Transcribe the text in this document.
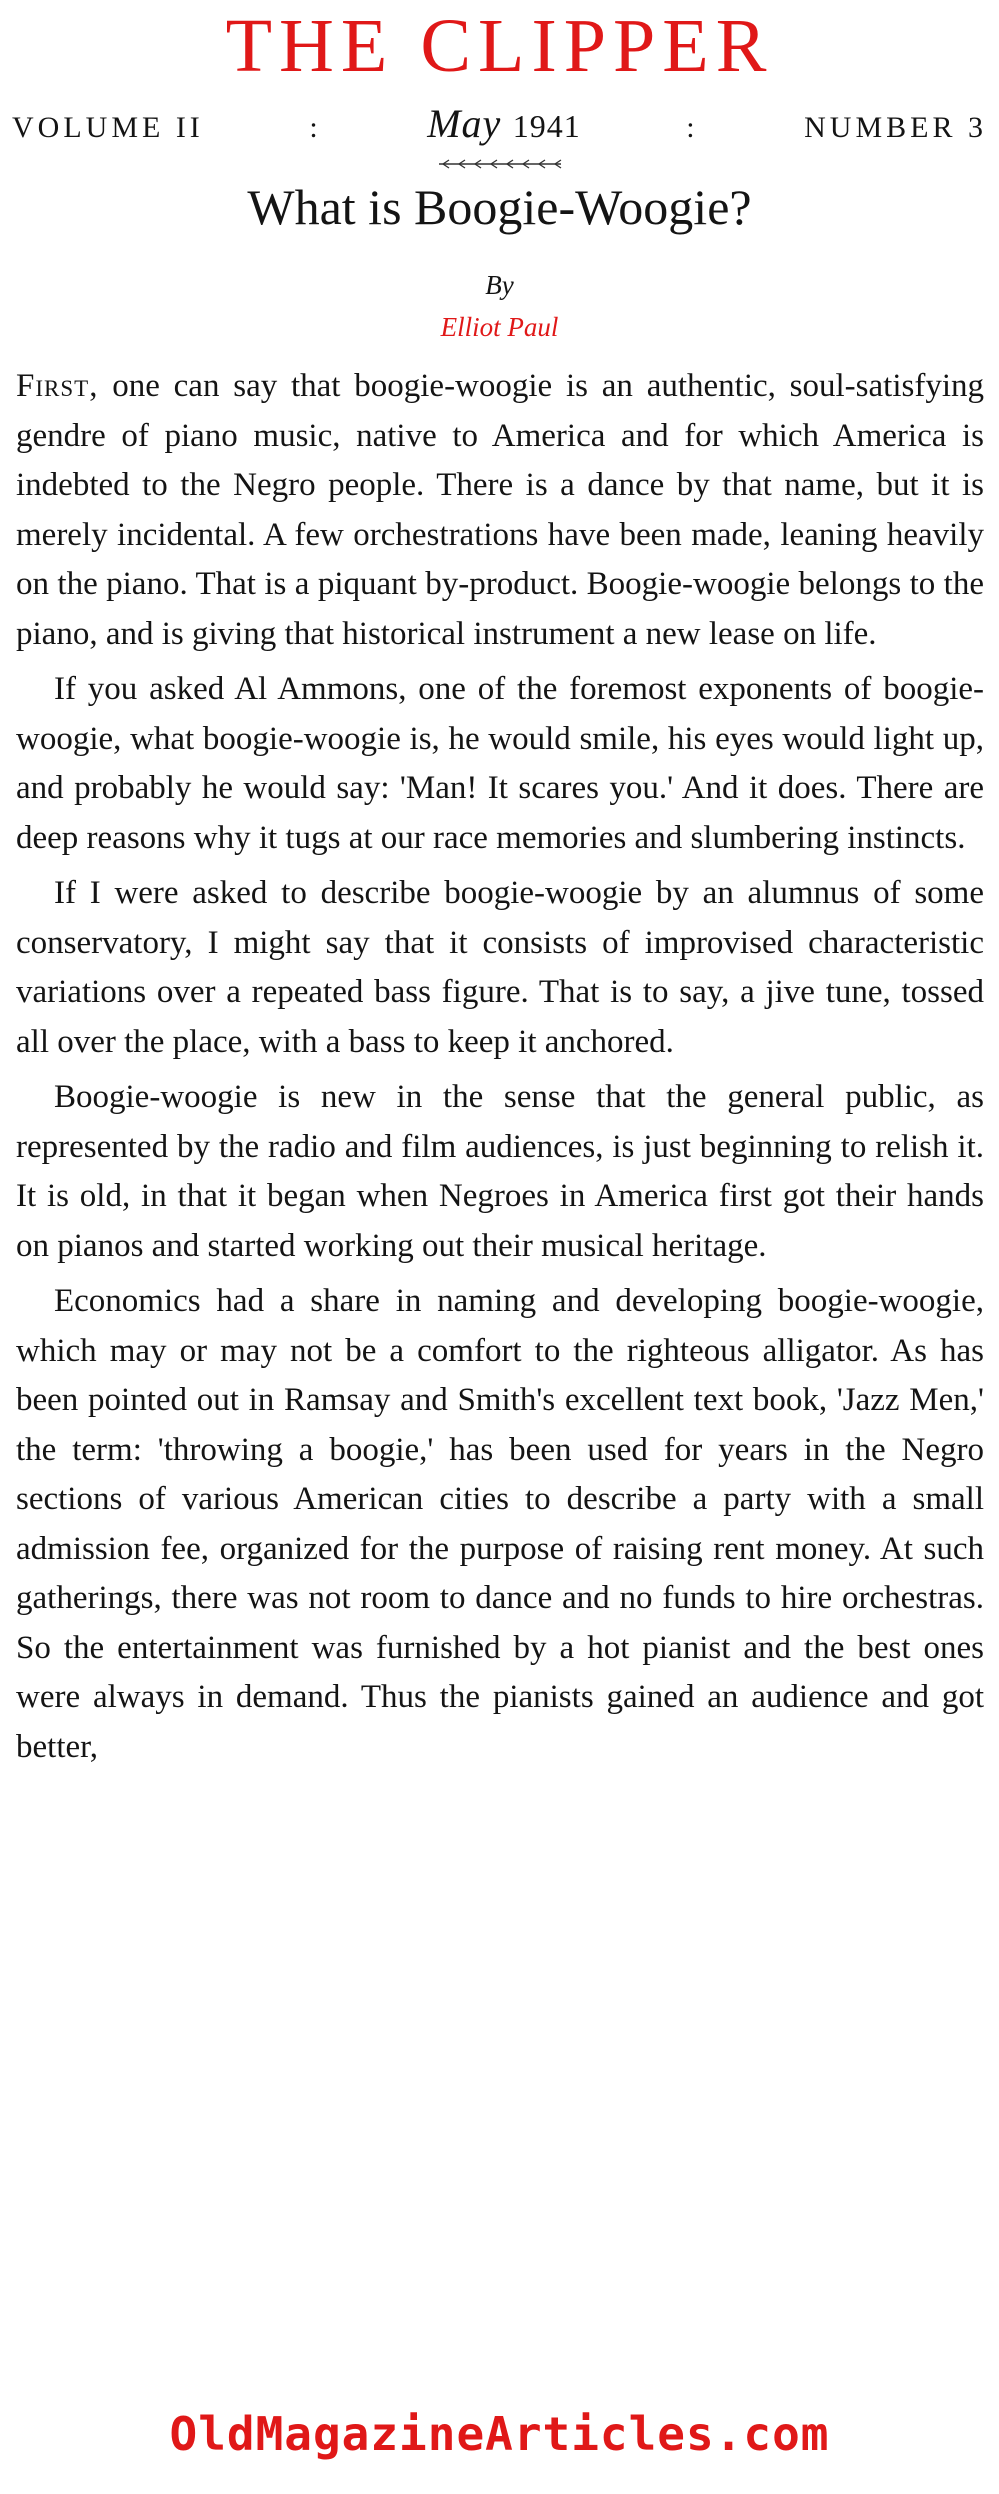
THE CLIPPER
VOLUME II	:	May 1941	:	NUMBER 3
What is Boogie-Woogie?
By
Elliot Paul

First, one can say that boogie-woogie is an authentic, soul-satisfying gendre of piano music, native to America and for which America is indebted to the Negro people. There is a dance by that name, but it is merely incidental. A few orchestrations have been made, leaning heavily on the piano. That is a piquant by-product. Boogie-woogie belongs to the piano, and is giving that historical instrument a new lease on life.

If you asked Al Ammons, one of the foremost exponents of boogie-woogie, what boogie-woogie is, he would smile, his eyes would light up, and probably he would say: 'Man! It scares you.' And it does. There are deep reasons why it tugs at our race memories and slumbering instincts.

If I were asked to describe boogie-woogie by an alumnus of some conservatory, I might say that it consists of improvised characteristic variations over a repeated bass figure. That is to say, a jive tune, tossed all over the place, with a bass to keep it anchored.

Boogie-woogie is new in the sense that the general public, as represented by the radio and film audiences, is just beginning to relish it. It is old, in that it began when Negroes in America first got their hands on pianos and started working out their musical heritage.

Economics had a share in naming and developing boogie-woogie, which may or may not be a comfort to the righteous alligator. As has been pointed out in Ramsay and Smith's excellent text book, 'Jazz Men,' the term: 'throwing a boogie,' has been used for years in the Negro sections of various American cities to describe a party with a small admission fee, organized for the purpose of raising rent money. At such gatherings, there was not room to dance and no funds to hire orchestras. So the entertainment was furnished by a hot pianist and the best ones were always in demand. Thus the pianists gained an audience and got better,

OldMagazineArticles.com
